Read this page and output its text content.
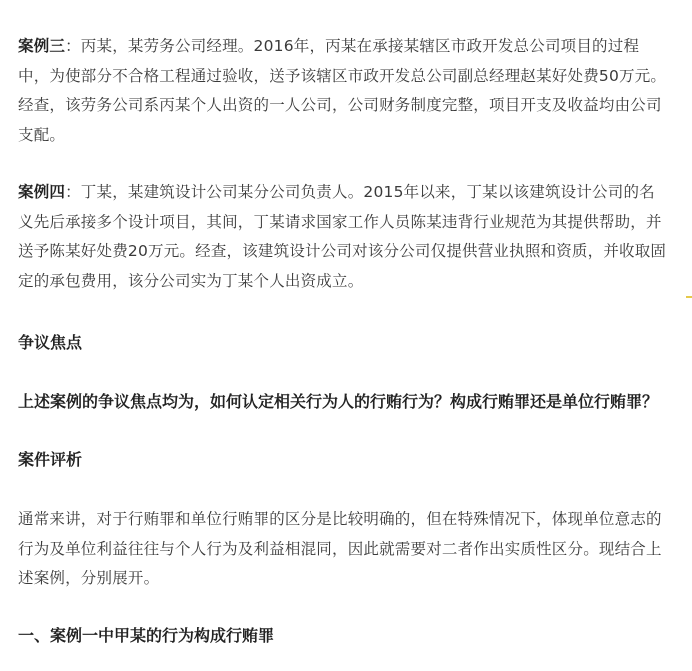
案例三：丙某，某劳务公司经理。2016年，丙某在承接某辖区市政开发总公司项目的过程中，为使部分不合格工程通过验收，送予该辖区市政开发总公司副总经理赵某好处费50万元。经查，该劳务公司系丙某个人出资的一人公司，公司财务制度完整，项目开支及收益均由公司支配。

案例四：丁某，某建筑设计公司某分公司负责人。2015年以来，丁某以该建筑设计公司的名义先后承接多个设计项目，其间，丁某请求国家工作人员陈某违背行业规范为其提供帮助，并送予陈某好处费20万元。经查，该建筑设计公司对该分公司仅提供营业执照和资质，并收取固定的承包费用，该分公司实为丁某个人出资成立。

争议焦点
上述案例的争议焦点均为，如何认定相关行为人的行贿行为？构成行贿罪还是单位行贿罪？
案件评析

通常来讲，对于行贿罪和单位行贿罪的区分是比较明确的，但在特殊情况下，体现单位意志的行为及单位利益往往与个人行为及利益相混同，因此就需要对二者作出实质性区分。现结合上述案例，分别展开。

一、案例一中甲某的行为构成行贿罪
